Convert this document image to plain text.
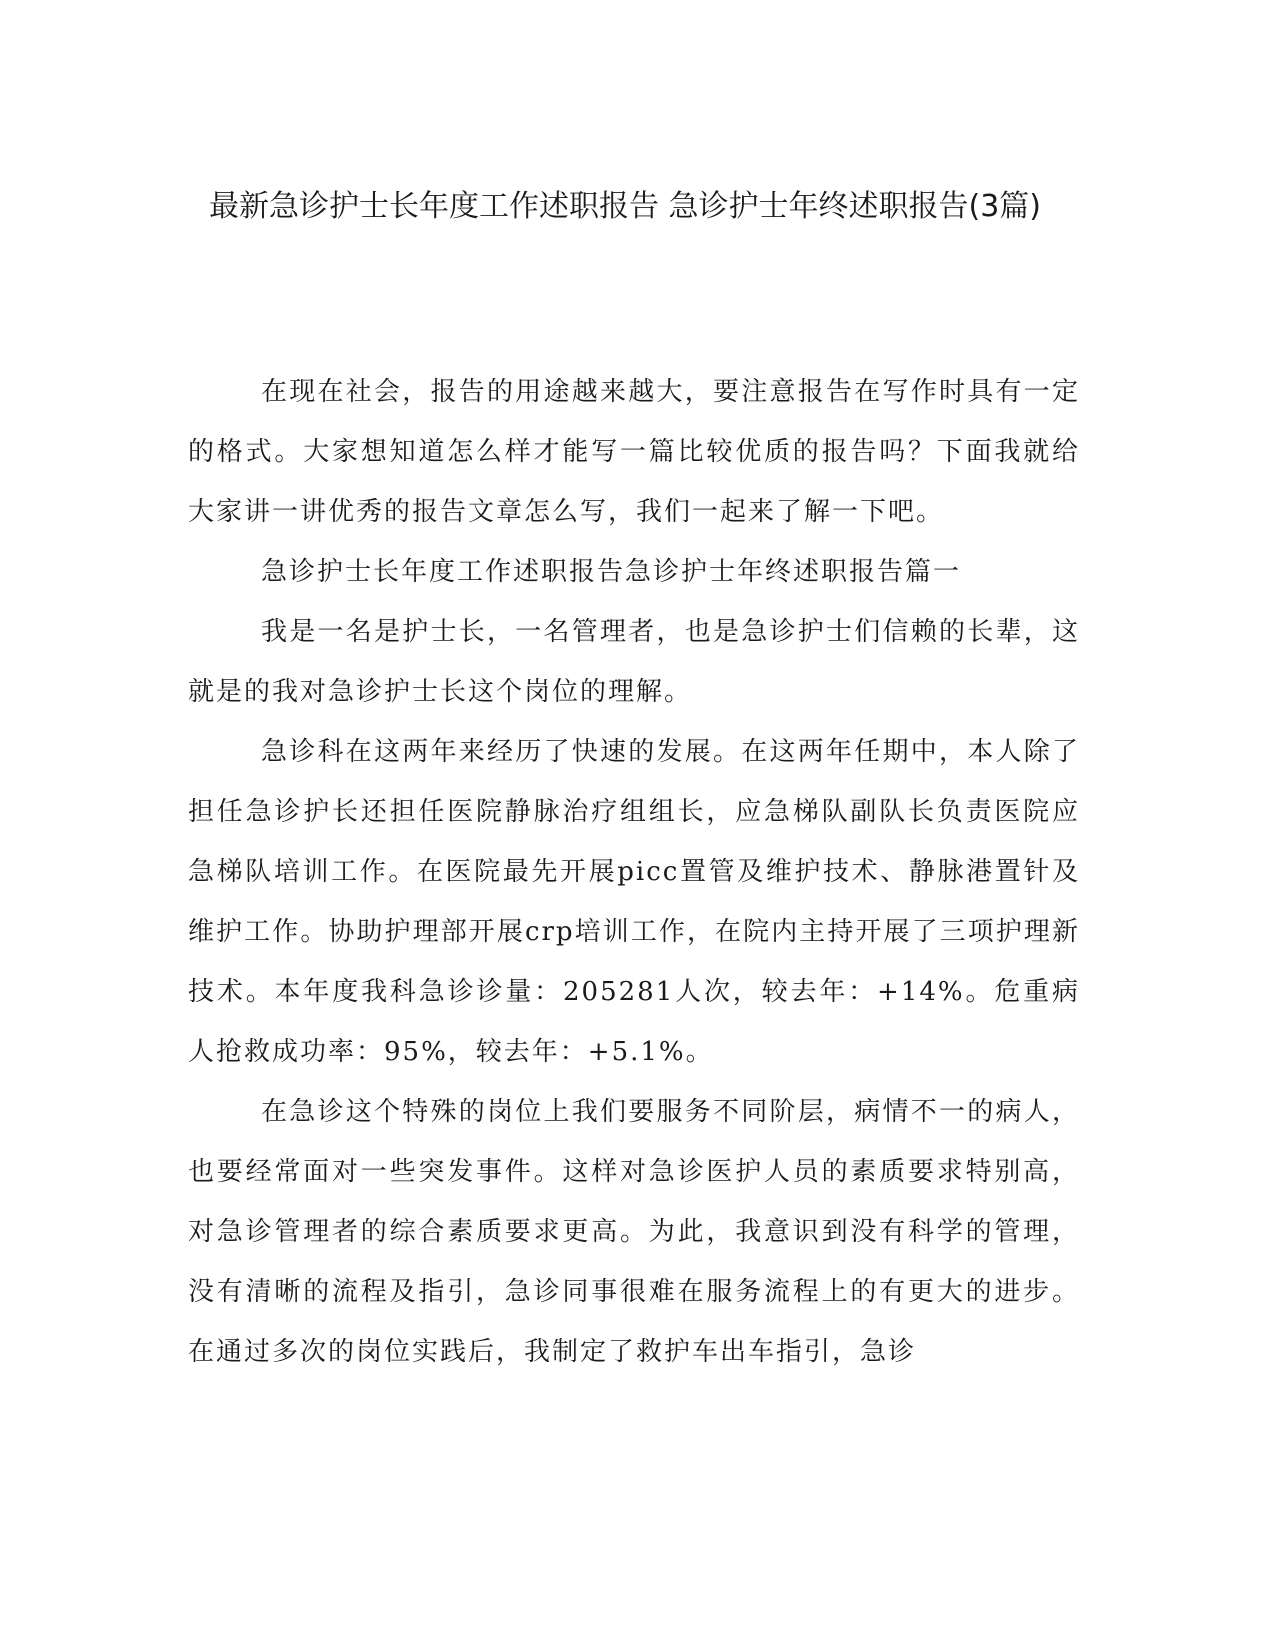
最新急诊护士长年度工作述职报告 急诊护士年终述职报告(3篇)

在现在社会，报告的用途越来越大，要注意报告在写作时具有一定的格式。大家想知道怎么样才能写一篇比较优质的报告吗？下面我就给大家讲一讲优秀的报告文章怎么写，我们一起来了解一下吧。

急诊护士长年度工作述职报告急诊护士年终述职报告篇一

我是一名是护士长，一名管理者，也是急诊护士们信赖的长辈，这就是的我对急诊护士长这个岗位的理解。

急诊科在这两年来经历了快速的发展。在这两年任期中，本人除了担任急诊护长还担任医院静脉治疗组组长，应急梯队副队长负责医院应急梯队培训工作。在医院最先开展picc置管及维护技术、静脉港置针及维护工作。协助护理部开展crp培训工作，在院内主持开展了三项护理新技术。本年度我科急诊诊量：205281人次，较去年：+14%。危重病人抢救成功率：95%，较去年：+5.1%。

在急诊这个特殊的岗位上我们要服务不同阶层，病情不一的病人，也要经常面对一些突发事件。这样对急诊医护人员的素质要求特别高，对急诊管理者的综合素质要求更高。为此，我意识到没有科学的管理，没有清晰的流程及指引，急诊同事很难在服务流程上的有更大的进步。在通过多次的岗位实践后，我制定了救护车出车指引，急诊
